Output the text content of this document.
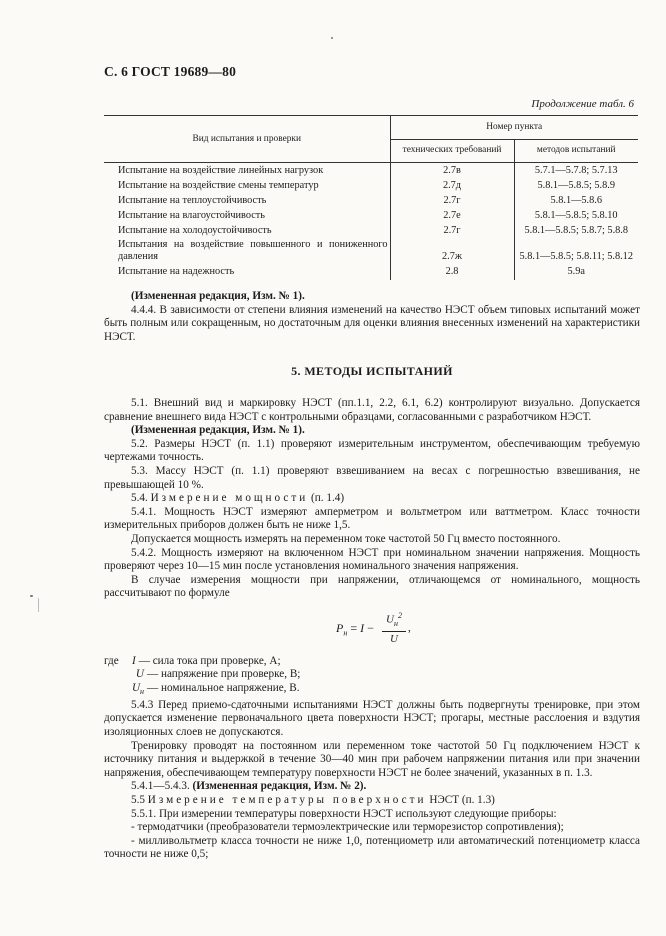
С. 6 ГОСТ 19689—80
Продолжение табл. 6
Вид испытания и проверки	Номер пункта	
	технических требований	методов испытаний
Испытание на воздействие линейных нагрузок	2.7в	5.7.1—5.7.8; 5.7.13
Испытание на воздействие смены температур	2.7д	5.8.1—5.8.5; 5.8.9
Испытание на теплоустойчивость	2.7г	5.8.1—5.8.6
Испытание на влагоустойчивость	2.7е	5.8.1—5.8.5; 5.8.10
Испытание на холодоустойчивость	2.7г	5.8.1—5.8.5; 5.8.7; 5.8.8
Испытания на воздействие повышенного и пониженного давления	2.7ж	5.8.1—5.8.5; 5.8.11; 5.8.12
Испытание на надежность	2.8	5.9а

(Измененная редакция, Изм. № 1).

4.4.4. В зависимости от степени влияния изменений на качество НЭСТ объем типовых испытаний может быть полным или сокращенным, но достаточным для оценки влияния внесенных изменений на характеристики НЭСТ.

5. МЕТОДЫ ИСПЫТАНИЙ

5.1. Внешний вид и маркировку НЭСТ (пп.1.1, 2.2, 6.1, 6.2) контролируют визуально. Допускается сравнение внешнего вида НЭСТ с контрольными образцами, согласованными с разработчиком НЭСТ.

(Измененная редакция, Изм. № 1).

5.2. Размеры НЭСТ (п. 1.1) проверяют измерительным инструментом, обеспечивающим требуемую чертежами точность.

5.3. Массу НЭСТ (п. 1.1) проверяют взвешиванием на весах с погрешностью взвешивания, не превышающей 10 %.

5.4. Измерение мощности (п. 1.4)

5.4.1. Мощность НЭСТ измеряют амперметром и вольтметром или ваттметром. Класс точности измерительных приборов должен быть не ниже 1,5.

Допускается мощность измерять на переменном токе частотой 50 Гц вместо постоянного.

5.4.2. Мощность измеряют на включенном НЭСТ при номинальном значении напряжения. Мощность проверяют через 10—15 мин после установления номинального значения напряжения.

В случае измерения мощности при напряжении, отличающемся от номинального, мощность рассчитывают по формуле

$P_н = I$ −
$U_н^2$
U
,
где	I — сила тока при проверке, А;
U — напряжение при проверке, В;
$U_н$ — номинальное напряжение, В.

5.4.3 Перед приемо-сдаточными испытаниями НЭСТ должны быть подвергнуты тренировке, при этом допускается изменение первоначального цвета поверхности НЭСТ; прогары, местные расслоения и вздутия изоляционных слоев не допускаются.

Тренировку проводят на постоянном или переменном токе частотой 50 Гц подключением НЭСТ к источнику питания и выдержкой в течение 30—40 мин при рабочем напряжении питания или при значении напряжения, обеспечивающем температуру поверхности НЭСТ не более значений, указанных в п. 1.3.

5.4.1—5.4.3. (Измененная редакция, Изм. № 2).

5.5 Измерение температуры поверхности НЭСТ (п. 1.3)

5.5.1. При измерении температуры поверхности НЭСТ используют следующие приборы:

- термодатчики (преобразователи термоэлектрические или терморезистор сопротивления);

- милливольтметр класса точности не ниже 1,0, потенциометр или автоматический потенциометр класса точности не ниже 0,5;
